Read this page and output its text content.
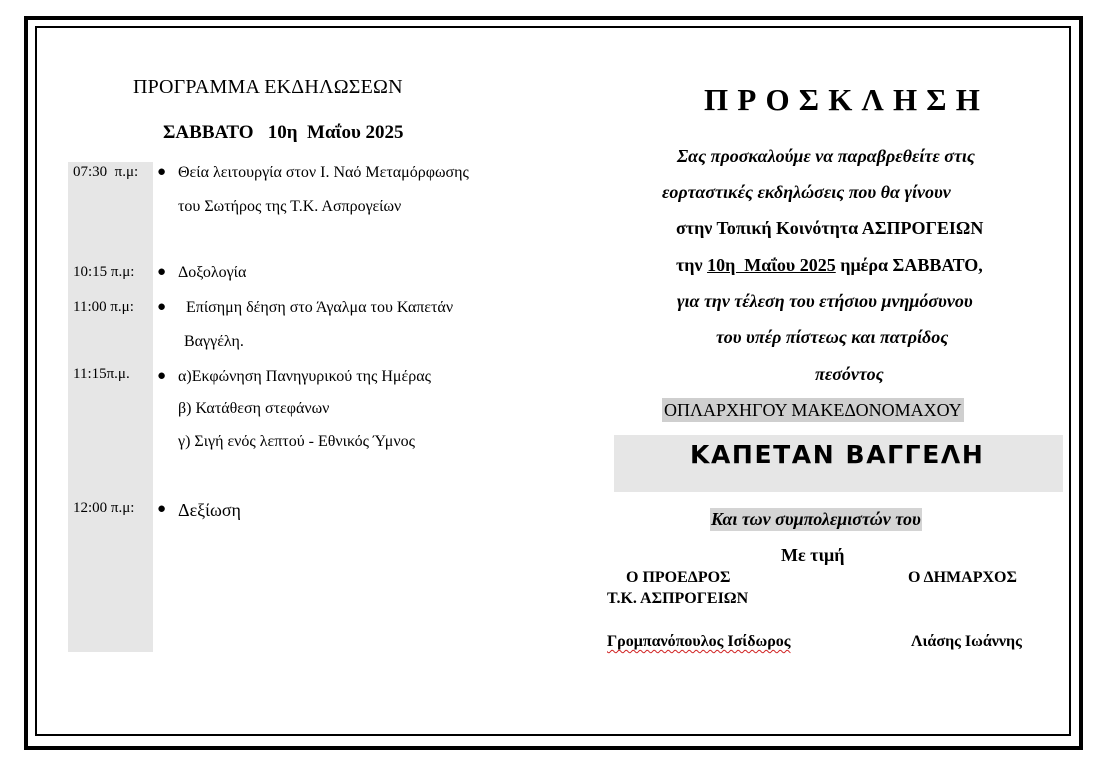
ΠΡΟΓΡΑΜΜΑ ΕΚΔΗΛΩΣΕΩΝ
ΣΑΒΒΑΤΟ   10η  Μαΐου 2025
07:30  π.μ: ● Θεία λειτουργία στον Ι. Ναό Μεταμόρφωσης
του Σωτήρος της Τ.Κ. Ασπρογείων
10:15 π.μ: ● Δοξολογία
11:00 π.μ: ● Επίσημη δέηση στο Άγαλμα του Καπετάν
Βαγγέλη.
11:15π.μ. ● α)Εκφώνηση Πανηγυρικού της Ημέρας
β) Κατάθεση στεφάνων
γ) Σιγή ενός λεπτού - Εθνικός Ύμνος
12:00 π.μ: ● Δεξίωση
ΠΡΟΣΚΛΗΣΗ
Σας προσκαλούμε να παραβρεθείτε στις
εορταστικές εκδηλώσεις που θα γίνουν
στην Τοπική Κοινότητα ΑΣΠΡΟΓΕΙΩΝ
την 10η  Μαΐου 2025 ημέρα ΣΑΒΒΑΤΟ,
για την τέλεση του ετήσιου μνημόσυνου
του υπέρ πίστεως και πατρίδος
πεσόντος
ΟΠΛΑΡΧΗΓΟΥ ΜΑΚΕΔΟΝΟΜΑΧΟΥ
ΚΑΠΕΤΑΝ ΒΑΓΓΕΛΗ
Και των συμπολεμιστών του
Με τιμή
Ο ΠΡΟΕΔΡΟΣ
Τ.Κ. ΑΣΠΡΟΓΕΙΩΝ
Ο ΔΗΜΑΡΧΟΣ
Γρομπανόπουλος Ισίδωρος	Λιάσης Ιωάννης
